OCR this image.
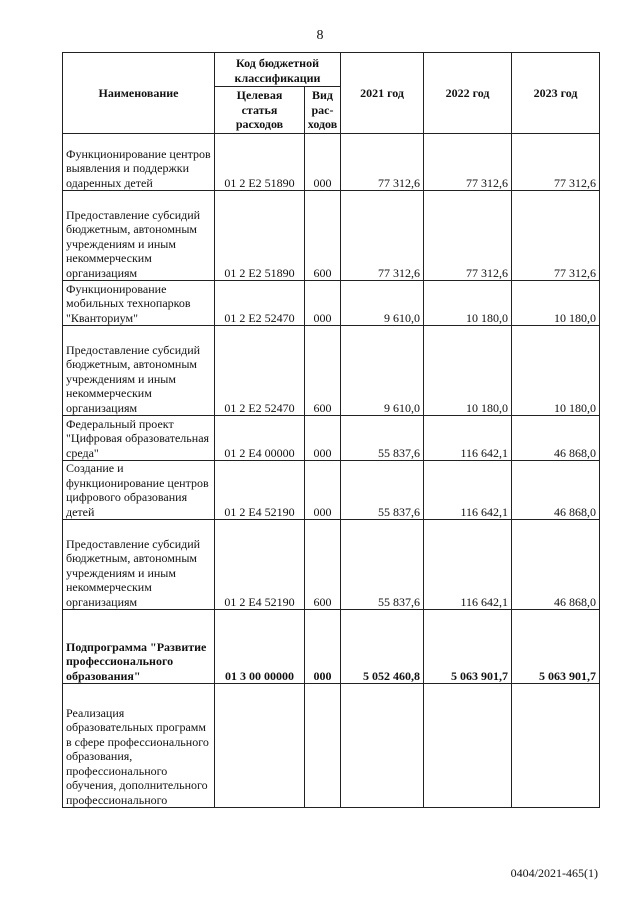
8
Наименование	Код бюджетной классификации		2021 год	2022 год	2023 год
	Целевая статья расходов	Вид рас-ходов			
Функционирование центров выявления и поддержки одаренных детей	01 2 E2 51890	000	77 312,6	77 312,6	77 312,6
Предоставление субсидий бюджетным, автономным учреждениям и иным некоммерческим организациям	01 2 E2 51890	600	77 312,6	77 312,6	77 312,6
Функционирование мобильных технопарков "Кванториум"	01 2 E2 52470	000	9 610,0	10 180,0	10 180,0
Предоставление субсидий бюджетным, автономным учреждениям и иным некоммерческим организациям	01 2 E2 52470	600	9 610,0	10 180,0	10 180,0
Федеральный проект "Цифровая образовательная среда"	01 2 E4 00000	000	55 837,6	116 642,1	46 868,0
Создание и функционирование центров цифрового образования детей	01 2 E4 52190	000	55 837,6	116 642,1	46 868,0
Предоставление субсидий бюджетным, автономным учреждениям и иным некоммерческим организациям	01 2 E4 52190	600	55 837,6	116 642,1	46 868,0
Подпрограмма "Развитие профессионального образования"	01 3 00 00000	000	5 052 460,8	5 063 901,7	5 063 901,7
Реализация образовательных программ в сфере профессионального образования, профессионального обучения, дополнительного профессионального					
0404/2021-465(1)
